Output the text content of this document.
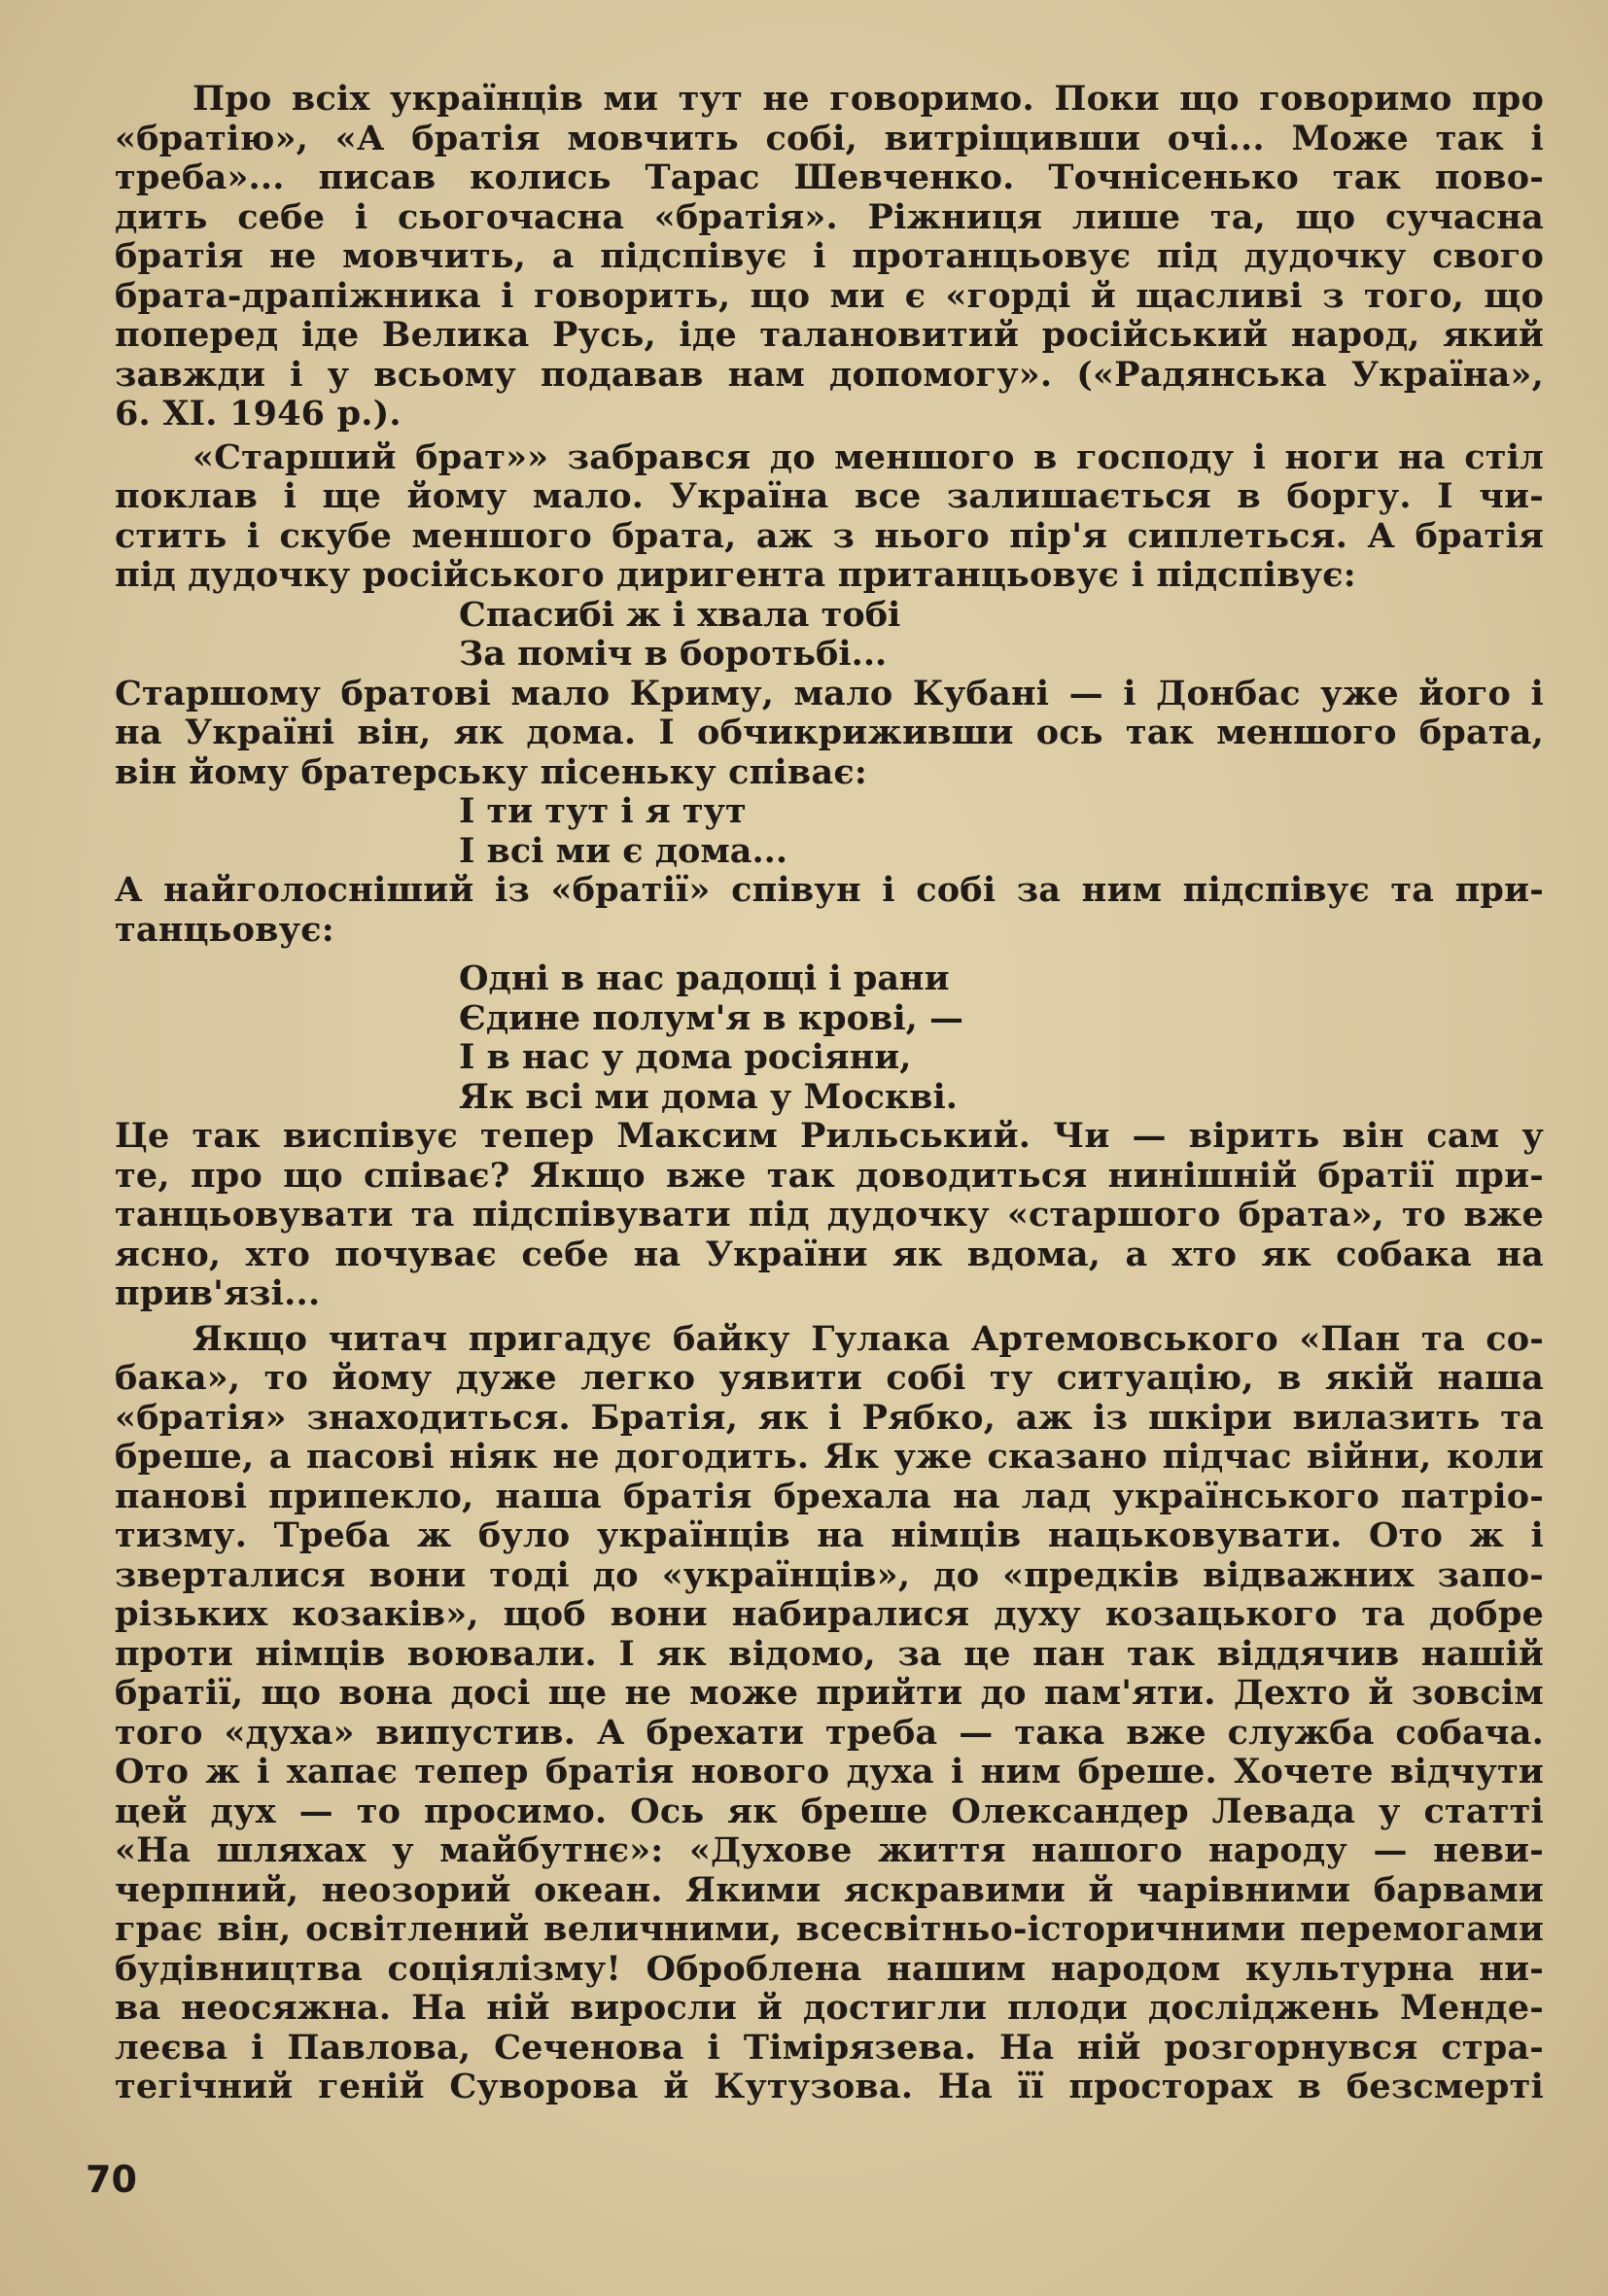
Про всіх українців ми тут не говоримо. Поки що говоримо про
«братію», «А братія мовчить собі, витріщивши очі... Може так і
треба»... писав колись Тарас Шевченко. Точнісенько так пово-
дить себе і сьогочасна «братія». Ріжниця лише та, що сучасна
братія не мовчить, а підспівує і протанцьовує під дудочку свого
брата-драпіжника і говорить, що ми є «горді й щасливі з того, що
поперед іде Велика Русь, іде талановитий російський народ, який
завжди і у всьому подавав нам допомогу». («Радянська Україна»,
6. XI. 1946 р.).

«Старший брат»» забрався до меншого в господу і ноги на стіл
поклав і ще йому мало. Україна все залишається в боргу. І чи-
стить і скубе меншого брата, аж з нього пір'я сиплеться. А братія
під дудочку російського диригента пританцьовує і підспівує:

Спасибі ж і хвала тобі
За поміч в боротьбі...

Старшому братові мало Криму, мало Кубані — і Донбас уже його і
на Україні він, як дома. І обчикриживши ось так меншого брата,
він йому братерську пісеньку співає:

І ти тут і я тут
І всі ми є дома...

А найголосніший із «братії» співун і собі за ним підспівує та при-
танцьовує:

Одні в нас радощі і рани
Єдине полум'я в крові, —
І в нас у дома росіяни,
Як всі ми дома у Москві.

Це так виспівує тепер Максим Рильський. Чи — вірить він сам у
те, про що співає? Якщо вже так доводиться нинішній братії при-
танцьовувати та підспівувати під дудочку «старшого брата», то вже
ясно, хто почуває себе на України як вдома, а хто як собака на
прив'язі...

Якщо читач пригадує байку Гулака Артемовського «Пан та со-
бака», то йому дуже легко уявити собі ту ситуацію, в якій наша
«братія» знаходиться. Братія, як і Рябко, аж із шкіри вилазить та
бреше, а пасові ніяк не догодить. Як уже сказано підчас війни, коли
панові припекло, наша братія брехала на лад українського патріо-
тизму. Треба ж було українців на німців нацьковувати. Ото ж і
зверталися вони тоді до «українців», до «предків відважних запо-
різьких козаків», щоб вони набиралися духу козацького та добре
проти німців воювали. І як відомо, за це пан так віддячив нашій
братії, що вона досі ще не може прийти до пам'яти. Дехто й зовсім
того «духа» випустив. А брехати треба — така вже служба собача.
Ото ж і хапає тепер братія нового духа і ним бреше. Хочете відчути
цей дух — то просимо. Ось як бреше Олександер Левада у статті
«На шляхах у майбутнє»: «Духове життя нашого народу — неви-
черпний, неозорий океан. Якими яскравими й чарівними барвами
грає він, освітлений величними, всесвітньо-історичними перемогами
будівництва соціялізму! Оброблена нашим народом культурна ни-
ва неосяжна. На ній виросли й достигли плоди досліджень Менде-
леєва і Павлова, Сеченова і Тімірязева. На ній розгорнувся стра-
тегічний геній Суворова й Кутузова. На її просторах в безсмерті

70
